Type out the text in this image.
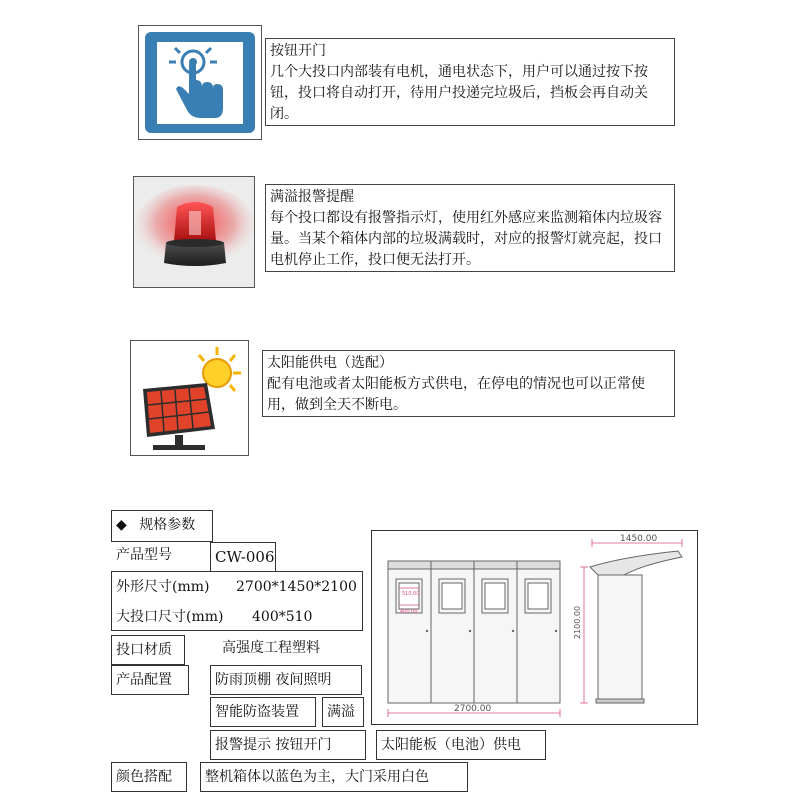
按钮开门
几个大投口内部装有电机，通电状态下，用户可以通过按下按钮，投口将自动打开，待用户投递完垃圾后，挡板会再自动关闭。
满溢报警提醒
每个投口都设有报警指示灯，使用红外感应来监测箱体内垃圾容量。当某个箱体内部的垃圾满载时，对应的报警灯就亮起，投口电机停止工作，投口便无法打开。
太阳能供电（选配）
配有电池或者太阳能板方式供电，在停电的情况也可以正常使用，做到全天不断电。
◆ 规格参数
产品型号	CW-006
外形尺寸(mm) 2700*1450*2100
大投口尺寸(mm) 400*510
投口材质	高强度工程塑料
产品配置	防雨顶棚 夜间照明
智能防盗装置	满溢
报警提示 按钮开门	太阳能板（电池）供电
颜色搭配	整机箱体以蓝色为主，大门采用白色
2700.00
510.00
400.00
1450.00
2100.00
